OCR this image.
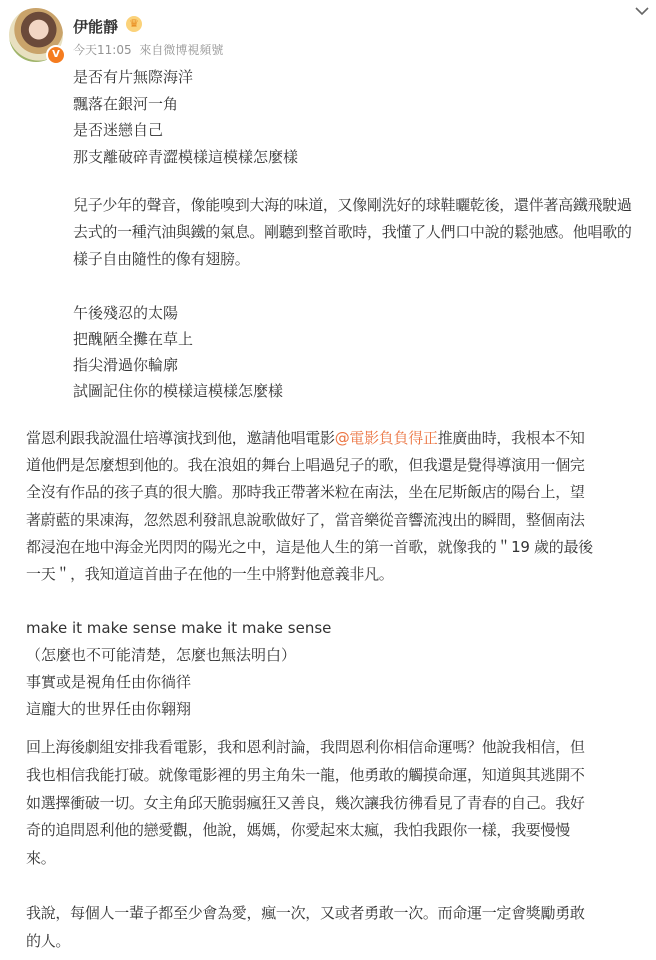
V
伊能靜 ♛
今天11:05 來自微博視頻號
是否有片無際海洋
飄落在銀河一角
是否迷戀自己
那支離破碎青澀模樣這模樣怎麼樣
兒子少年的聲音，像能嗅到大海的味道，又像剛洗好的球鞋曬乾後，還伴著高鐵飛駛過
去式的一種汽油與鐵的氣息。剛聽到整首歌時，我懂了人們口中說的鬆弛感。他唱歌的
樣子自由隨性的像有翅膀。
午後殘忍的太陽
把醜陋全攤在草上
指尖滑過你輪廓
試圖記住你的模樣這模樣怎麼樣
當恩利跟我說溫仕培導演找到他，邀請他唱電影@電影負負得正推廣曲時，我根本不知
道他們是怎麼想到他的。我在浪姐的舞台上唱過兒子的歌，但我還是覺得導演用一個完
全沒有作品的孩子真的很大膽。那時我正帶著米粒在南法，坐在尼斯飯店的陽台上，望
著蔚藍的果凍海，忽然恩利發訊息說歌做好了，當音樂從音響流洩出的瞬間，整個南法
都浸泡在地中海金光閃閃的陽光之中，這是他人生的第一首歌，就像我的＂19 歲的最後
一天＂，我知道這首曲子在他的一生中將對他意義非凡。
make it make sense make it make sense
（怎麼也不可能清楚，怎麼也無法明白）
事實或是視角任由你徜徉
這龐大的世界任由你翱翔
回上海後劇組安排我看電影，我和恩利討論，我問恩利你相信命運嗎？他說我相信，但
我也相信我能打破。就像電影裡的男主角朱一龍，他勇敢的觸摸命運，知道與其逃開不
如選擇衝破一切。女主角邱天脆弱瘋狂又善良，幾次讓我彷彿看見了青春的自己。我好
奇的追問恩利他的戀愛觀，他說，媽媽，你愛起來太瘋，我怕我跟你一樣，我要慢慢
來。
我說，每個人一輩子都至少會為愛，瘋一次，又或者勇敢一次。而命運一定會獎勵勇敢
的人。
